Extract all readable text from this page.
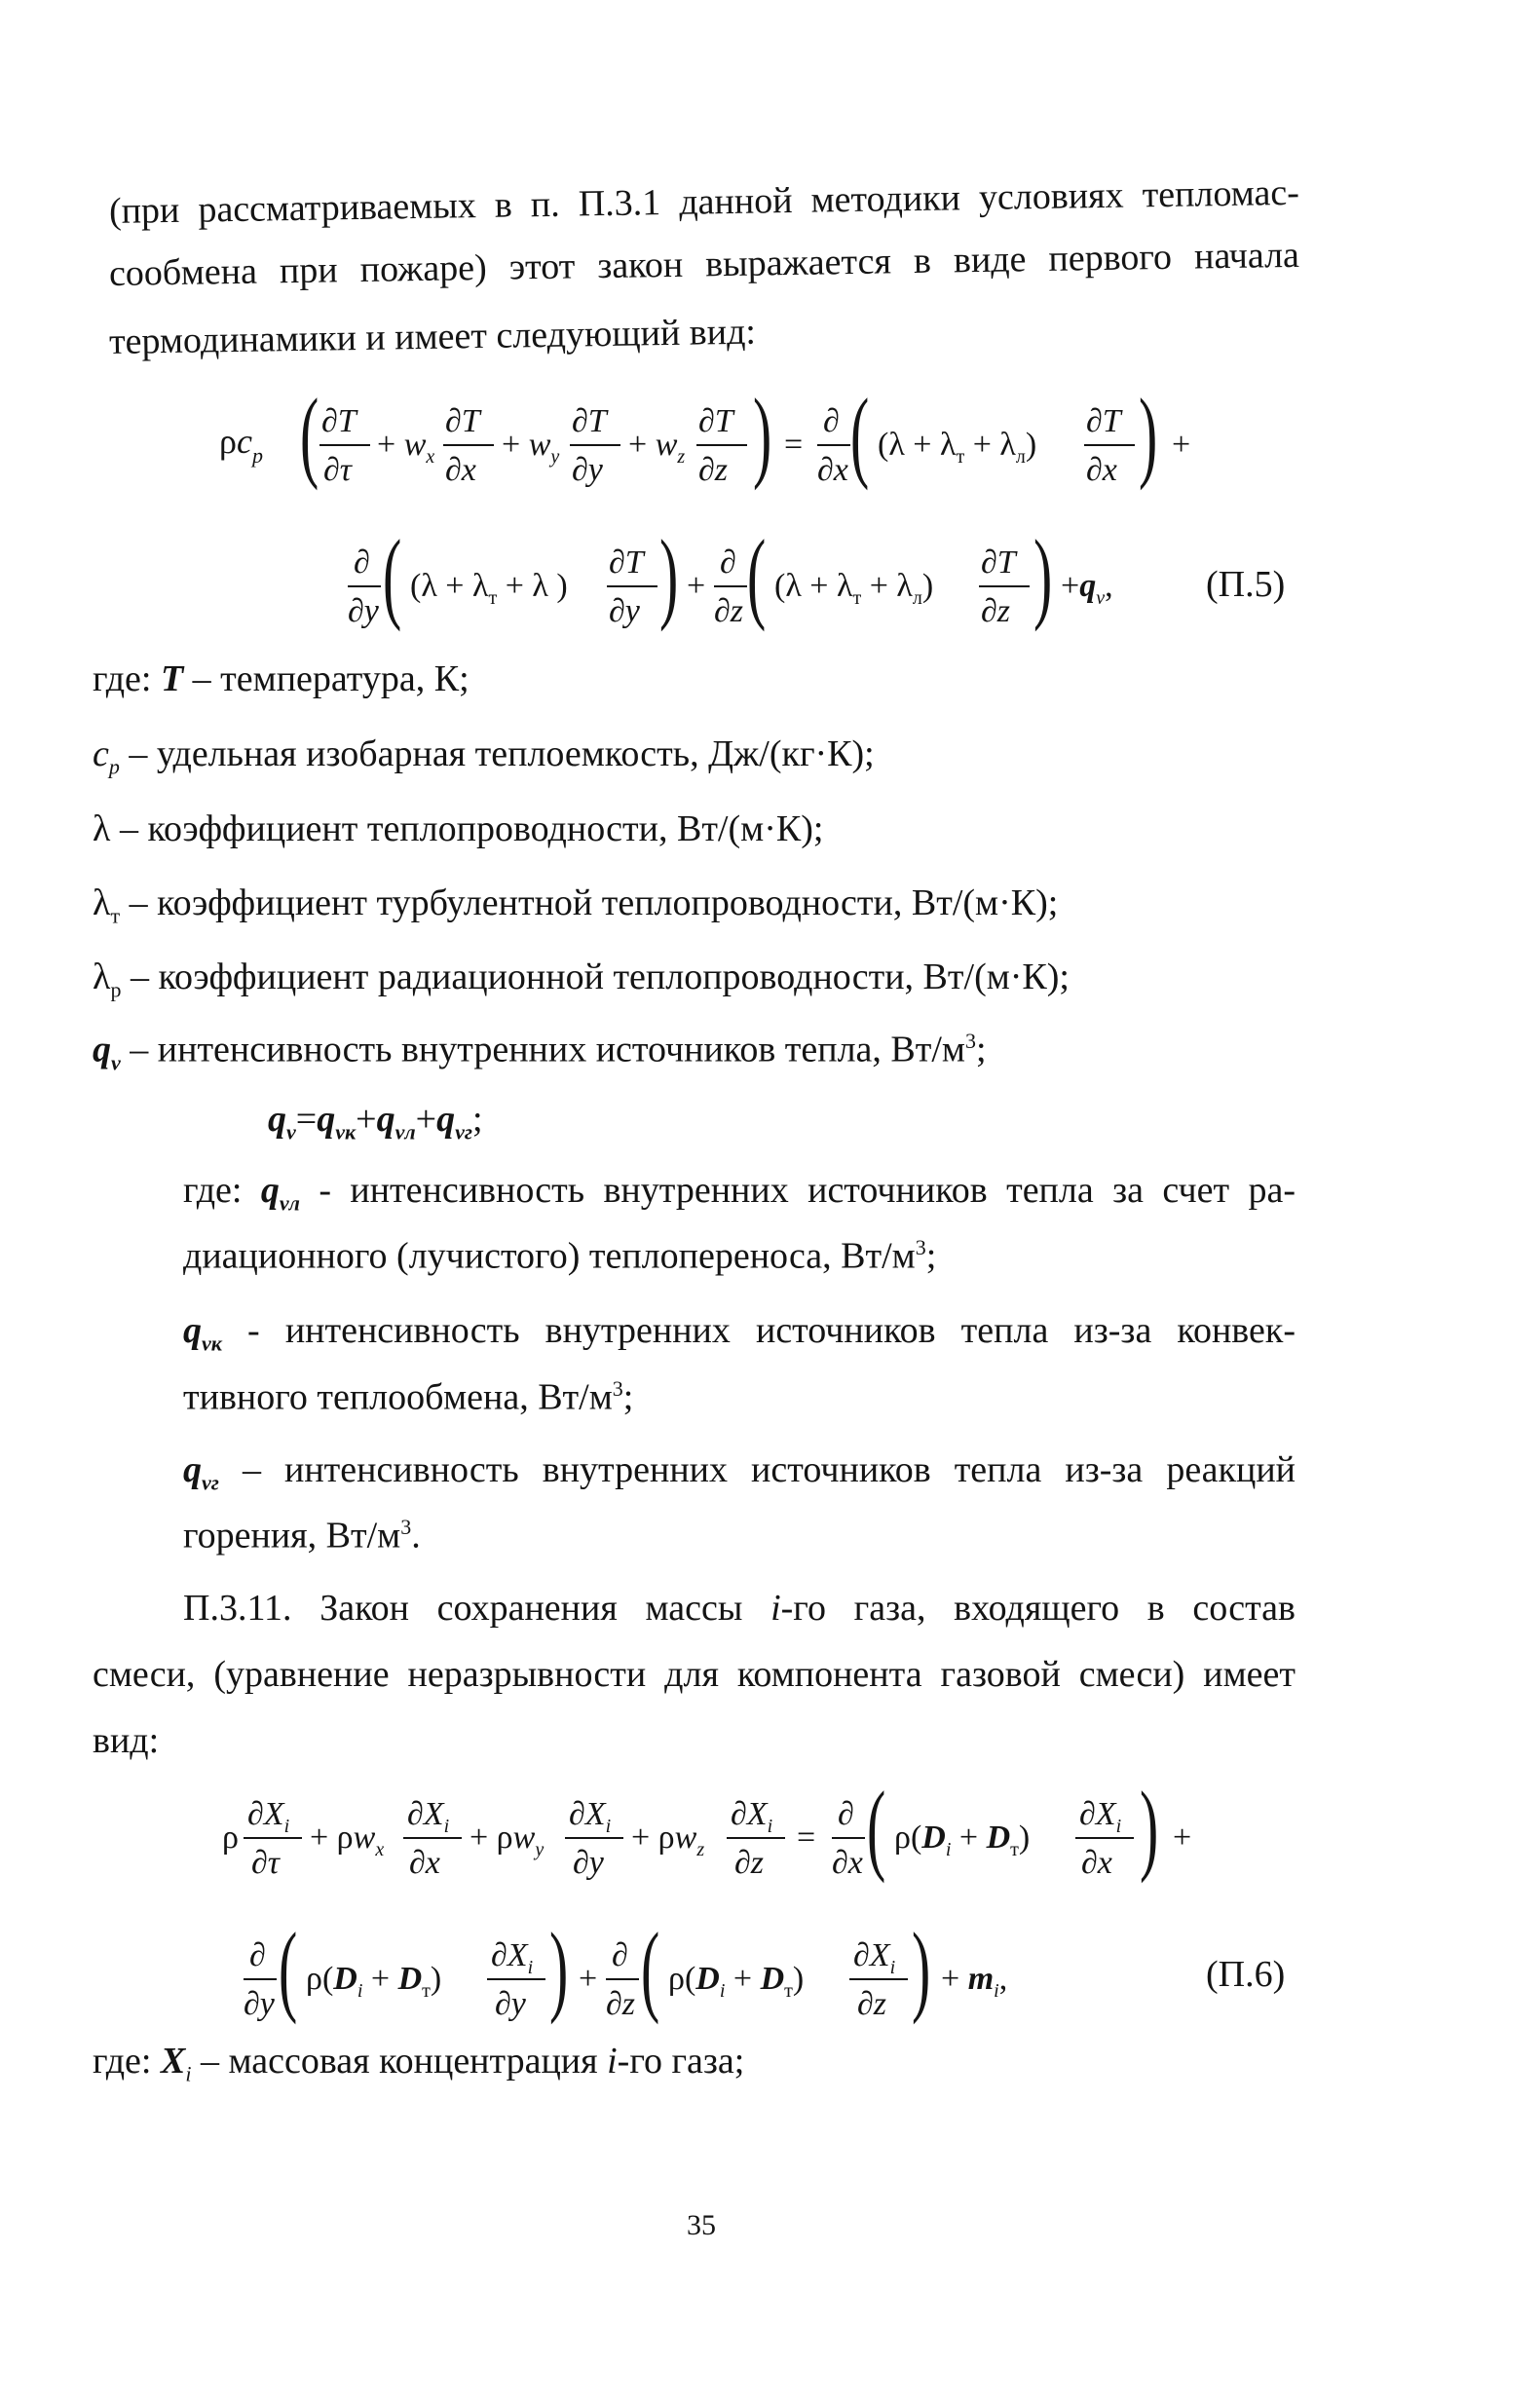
(при рассматриваемых в п. П.3.1 данной методики условиях тепломас-
сообмена при пожаре) этот закон выражается в виде первого начала
термодинамики и имеет следующий вид:
$\rho c_p$ ( ∂T
∂τ
+ $w_x$
∂T
∂x
+ $w_y$
∂T
∂y
+ $w_z$
∂T
∂z ) =
∂
∂x ( $(\lambda + \lambda_т + \lambda_л)$
∂T
∂x ) +
∂
∂y ( ($\lambda + \lambda_т + \lambda$ )
∂T
∂y ) +
∂
∂z ( $(\lambda + \lambda_т + \lambda_л)$
∂T
∂z ) $+q_v$,	(П.5)
где: T – температура, К;
$c_p$ – удельная изобарная теплоемкость, Дж/(кг·К);
λ – коэффициент теплопроводности, Вт/(м·К);
$\lambda_т$ – коэффициент турбулентной теплопроводности, Вт/(м·К);
$\lambda_р$ – коэффициент радиационной теплопроводности, Вт/(м·К);
$q_v$ – интенсивность внутренних источников тепла, $Вт/м^3$;
$q_v=q_{vк}+q_{vл}+q_{vг}$;
где: $q_{vл}$ - интенсивность внутренних источников тепла за счет ра-
диационного (лучистого) теплопереноса, $Вт/м^3$;
$q_{vк}$ - интенсивность внутренних источников тепла из-за конвек-
тивного теплообмена, $Вт/м^3$;
$q_{vг}$ – интенсивность внутренних источников тепла из-за реакций
горения, $Вт/м^3$.
П.3.11. Закон сохранения массы i-го газа, входящего в состав
смеси, (уравнение неразрывности для компонента газовой смеси) имеет
вид:
ρ
$\partial X_i$
∂τ
+ $\rho w_x$
$\partial X_i$
∂x
+ $\rho w_y$
$\partial X_i$
∂y
+ $\rho w_z$
$\partial X_i$
∂z
=
∂
∂x ( $\rho(D_i + D_т)$
$\partial X_i$
∂x ) +
∂
∂y ( $\rho(D_i + D_т)$
$\partial X_i$
∂y ) +
∂
∂z ( $\rho(D_i + D_т)$
$\partial X_i$
∂z ) + $m_i$,	(П.6)
где: $X_i$ – массовая концентрация i-го газа;
35
